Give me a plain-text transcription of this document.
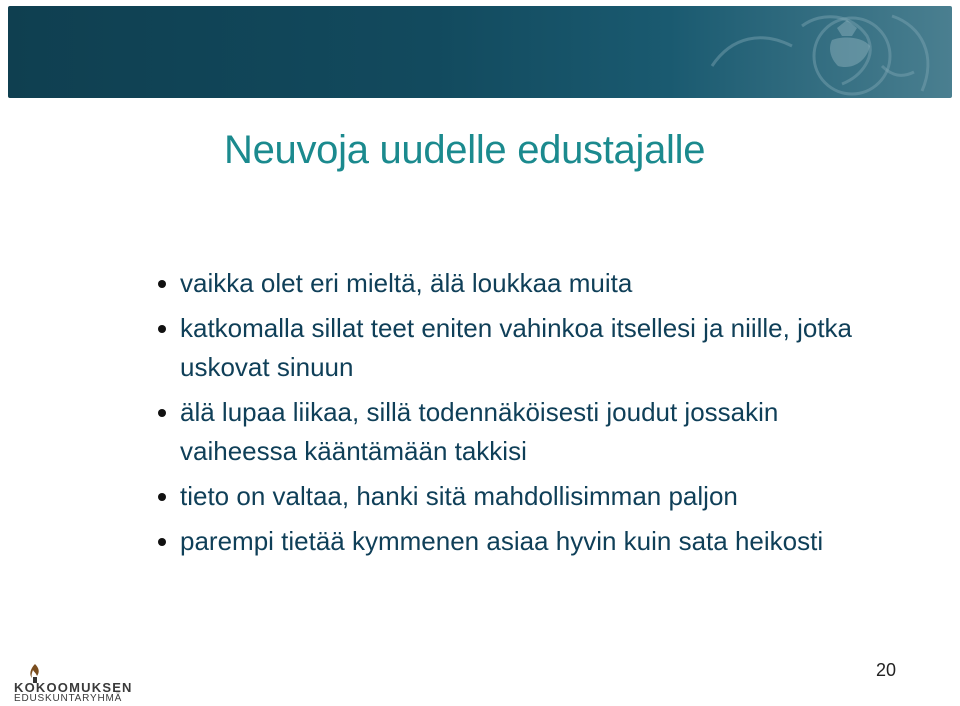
Neuvoja uudelle edustajalle
vaikka olet eri mieltä, älä loukkaa muita
katkomalla sillat teet eniten vahinkoa itsellesi ja niille, jotka uskovat sinuun
älä lupaa liikaa, sillä todennäköisesti joudut jossakin vaiheessa kääntämään takkisi
tieto on valtaa, hanki sitä mahdollisimman paljon
parempi tietää kymmenen asiaa hyvin kuin sata heikosti
KOKOOMUKSEN
EDUSKUNTARYHMÄ
20
